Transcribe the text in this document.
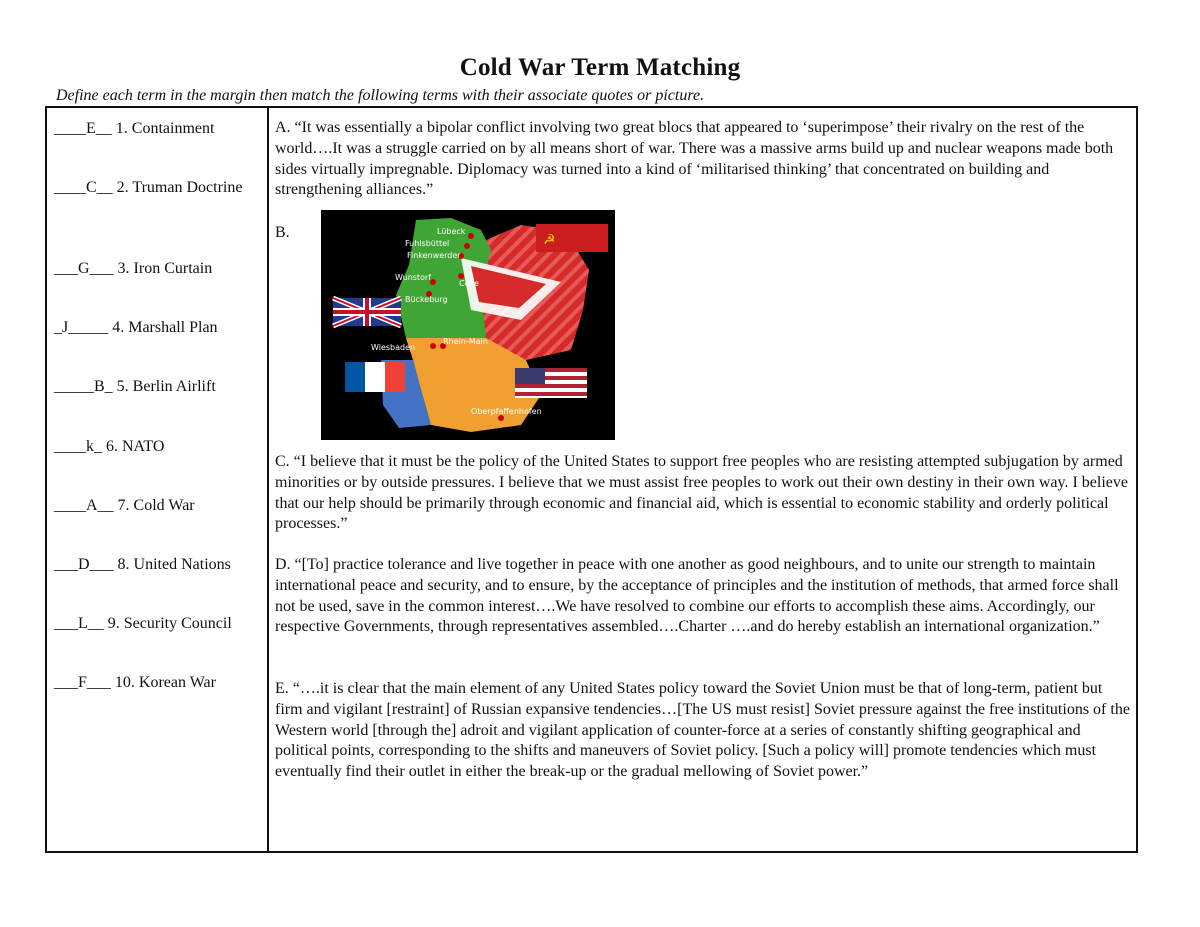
Cold War Term Matching
Define each term in the margin then match the following terms with their associate quotes or picture.
____E__ 1. Containment
____C__ 2. Truman Doctrine
___G___ 3. Iron Curtain
_J_____ 4. Marshall Plan
_____B_ 5. Berlin Airlift
____k_ 6. NATO
____A__ 7. Cold War
___D___ 8. United Nations
___L__ 9. Security Council
___F___ 10. Korean War
A. “It was essentially a bipolar conflict involving two great blocs that appeared to ‘superimpose’ their rivalry on the rest of the world….It was a struggle carried on by all means short of war. There was a massive arms build up and nuclear weapons made both sides virtually impregnable. Diplomacy was turned into a kind of ‘militarised thinking’ that concentrated on building and strengthening alliances.”
B.	☭
Lübeck
Fuhlsbüttel
Finkenwerder
Wunstorf
Celle
Bückeburg
Wiesbaden
Rhein-Main
Oberpfaffenhofen
C. “I believe that it must be the policy of the United States to support free peoples who are resisting attempted subjugation by armed minorities or by outside pressures. I believe that we must assist free peoples to work out their own destiny in their own way. I believe that our help should be primarily through economic and financial aid, which is essential to economic stability and orderly political processes.”
D. “[To] practice tolerance and live together in peace with one another as good neighbours, and to unite our strength to maintain international peace and security, and to ensure, by the acceptance of principles and the institution of methods, that armed force shall not be used, save in the common interest….We have resolved to combine our efforts to accomplish these aims. Accordingly, our respective Governments, through representatives assembled….Charter ….and do hereby establish an international organization.”
E. “….it is clear that the main element of any United States policy toward the Soviet Union must be that of long-term, patient but firm and vigilant [restraint] of Russian expansive tendencies…[The US must resist] Soviet pressure against the free institutions of the Western world [through the] adroit and vigilant application of counter-force at a series of constantly shifting geographical and political points, corresponding to the shifts and maneuvers of Soviet policy. [Such a policy will] promote tendencies which must eventually find their outlet in either the break-up or the gradual mellowing of Soviet power.”
